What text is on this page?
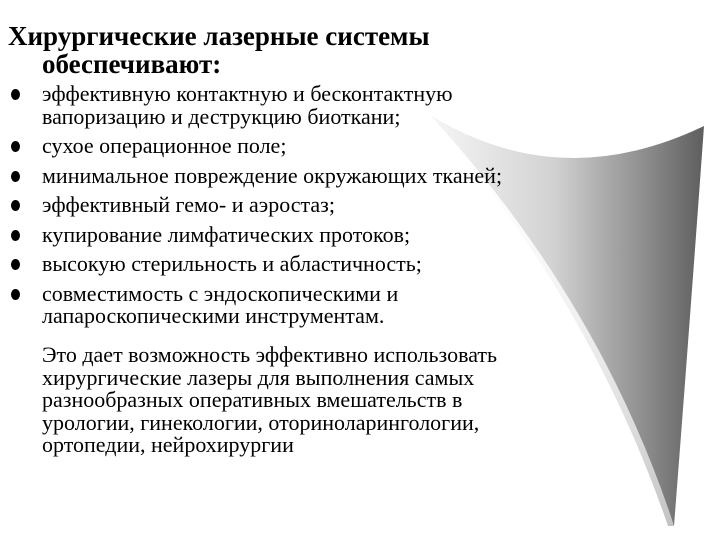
Хирургические лазерные системы
обеспечивают:
эффективную контактную и бесконтактную
вапоризацию и деструкцию биоткани;
сухое операционное поле;
минимальное повреждение окружающих тканей;
эффективный гемо- и аэростаз;
купирование лимфатических протоков;
высокую стерильность и абластичность;
совместимость с эндоскопическими и
лапароскопическими инструментам.

Это дает возможность эффективно использовать
хирургические лазеры для выполнения самых
разнообразных оперативных вмешательств в
урологии, гинекологии, оториноларингологии,
ортопедии, нейрохирургии
